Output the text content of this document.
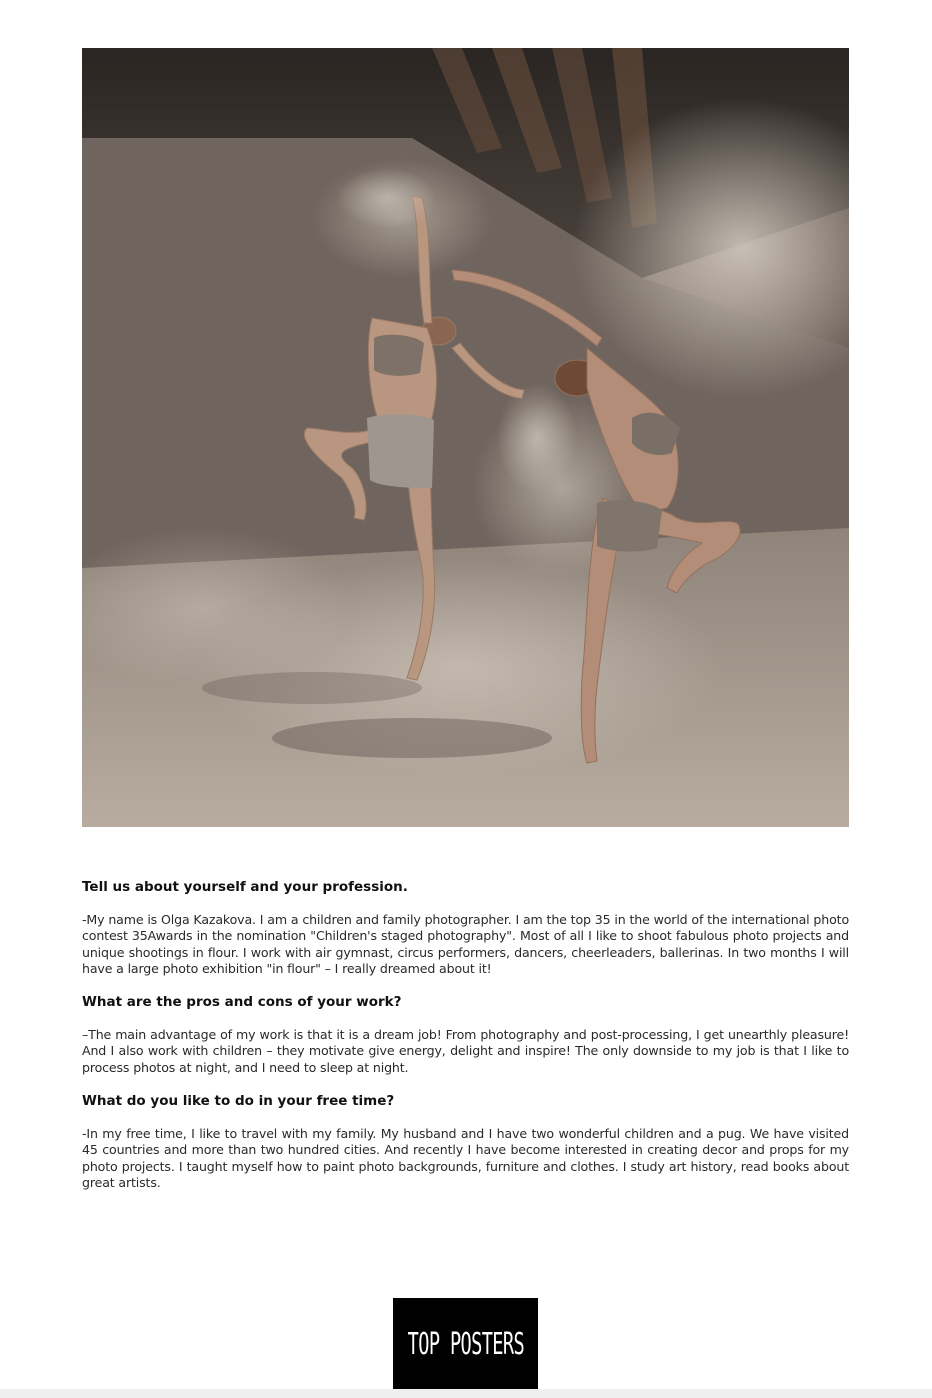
Tell us about yourself and your profession.

-My name is Olga Kazakova. I am a children and family photographer. I am the top 35 in the world of the international photo contest 35Awards in the nomination "Children's staged photography". Most of all I like to shoot fabulous photo projects and unique shootings in flour. I work with air gymnast, circus performers, dancers, cheerleaders, ballerinas. In two months I will have a large photo exhibition "in flour" – I really dreamed about it!

What are the pros and cons of your work?

–The main advantage of my work is that it is a dream job! From photography and post-processing, I get unearthly pleasure! And I also work with children – they motivate give energy, delight and inspire! The only downside to my job is that I like to process photos at night, and I need to sleep at night.

What do you like to do in your free time?

-In my free time, I like to travel with my family. My husband and I have two wonderful children and a pug. We have visited 45 countries and more than two hundred cities. And recently I have become interested in creating decor and props for my photo projects. I taught myself how to paint photo backgrounds, furniture and clothes. I study art history, read books about great artists.

TOP POSTERS
